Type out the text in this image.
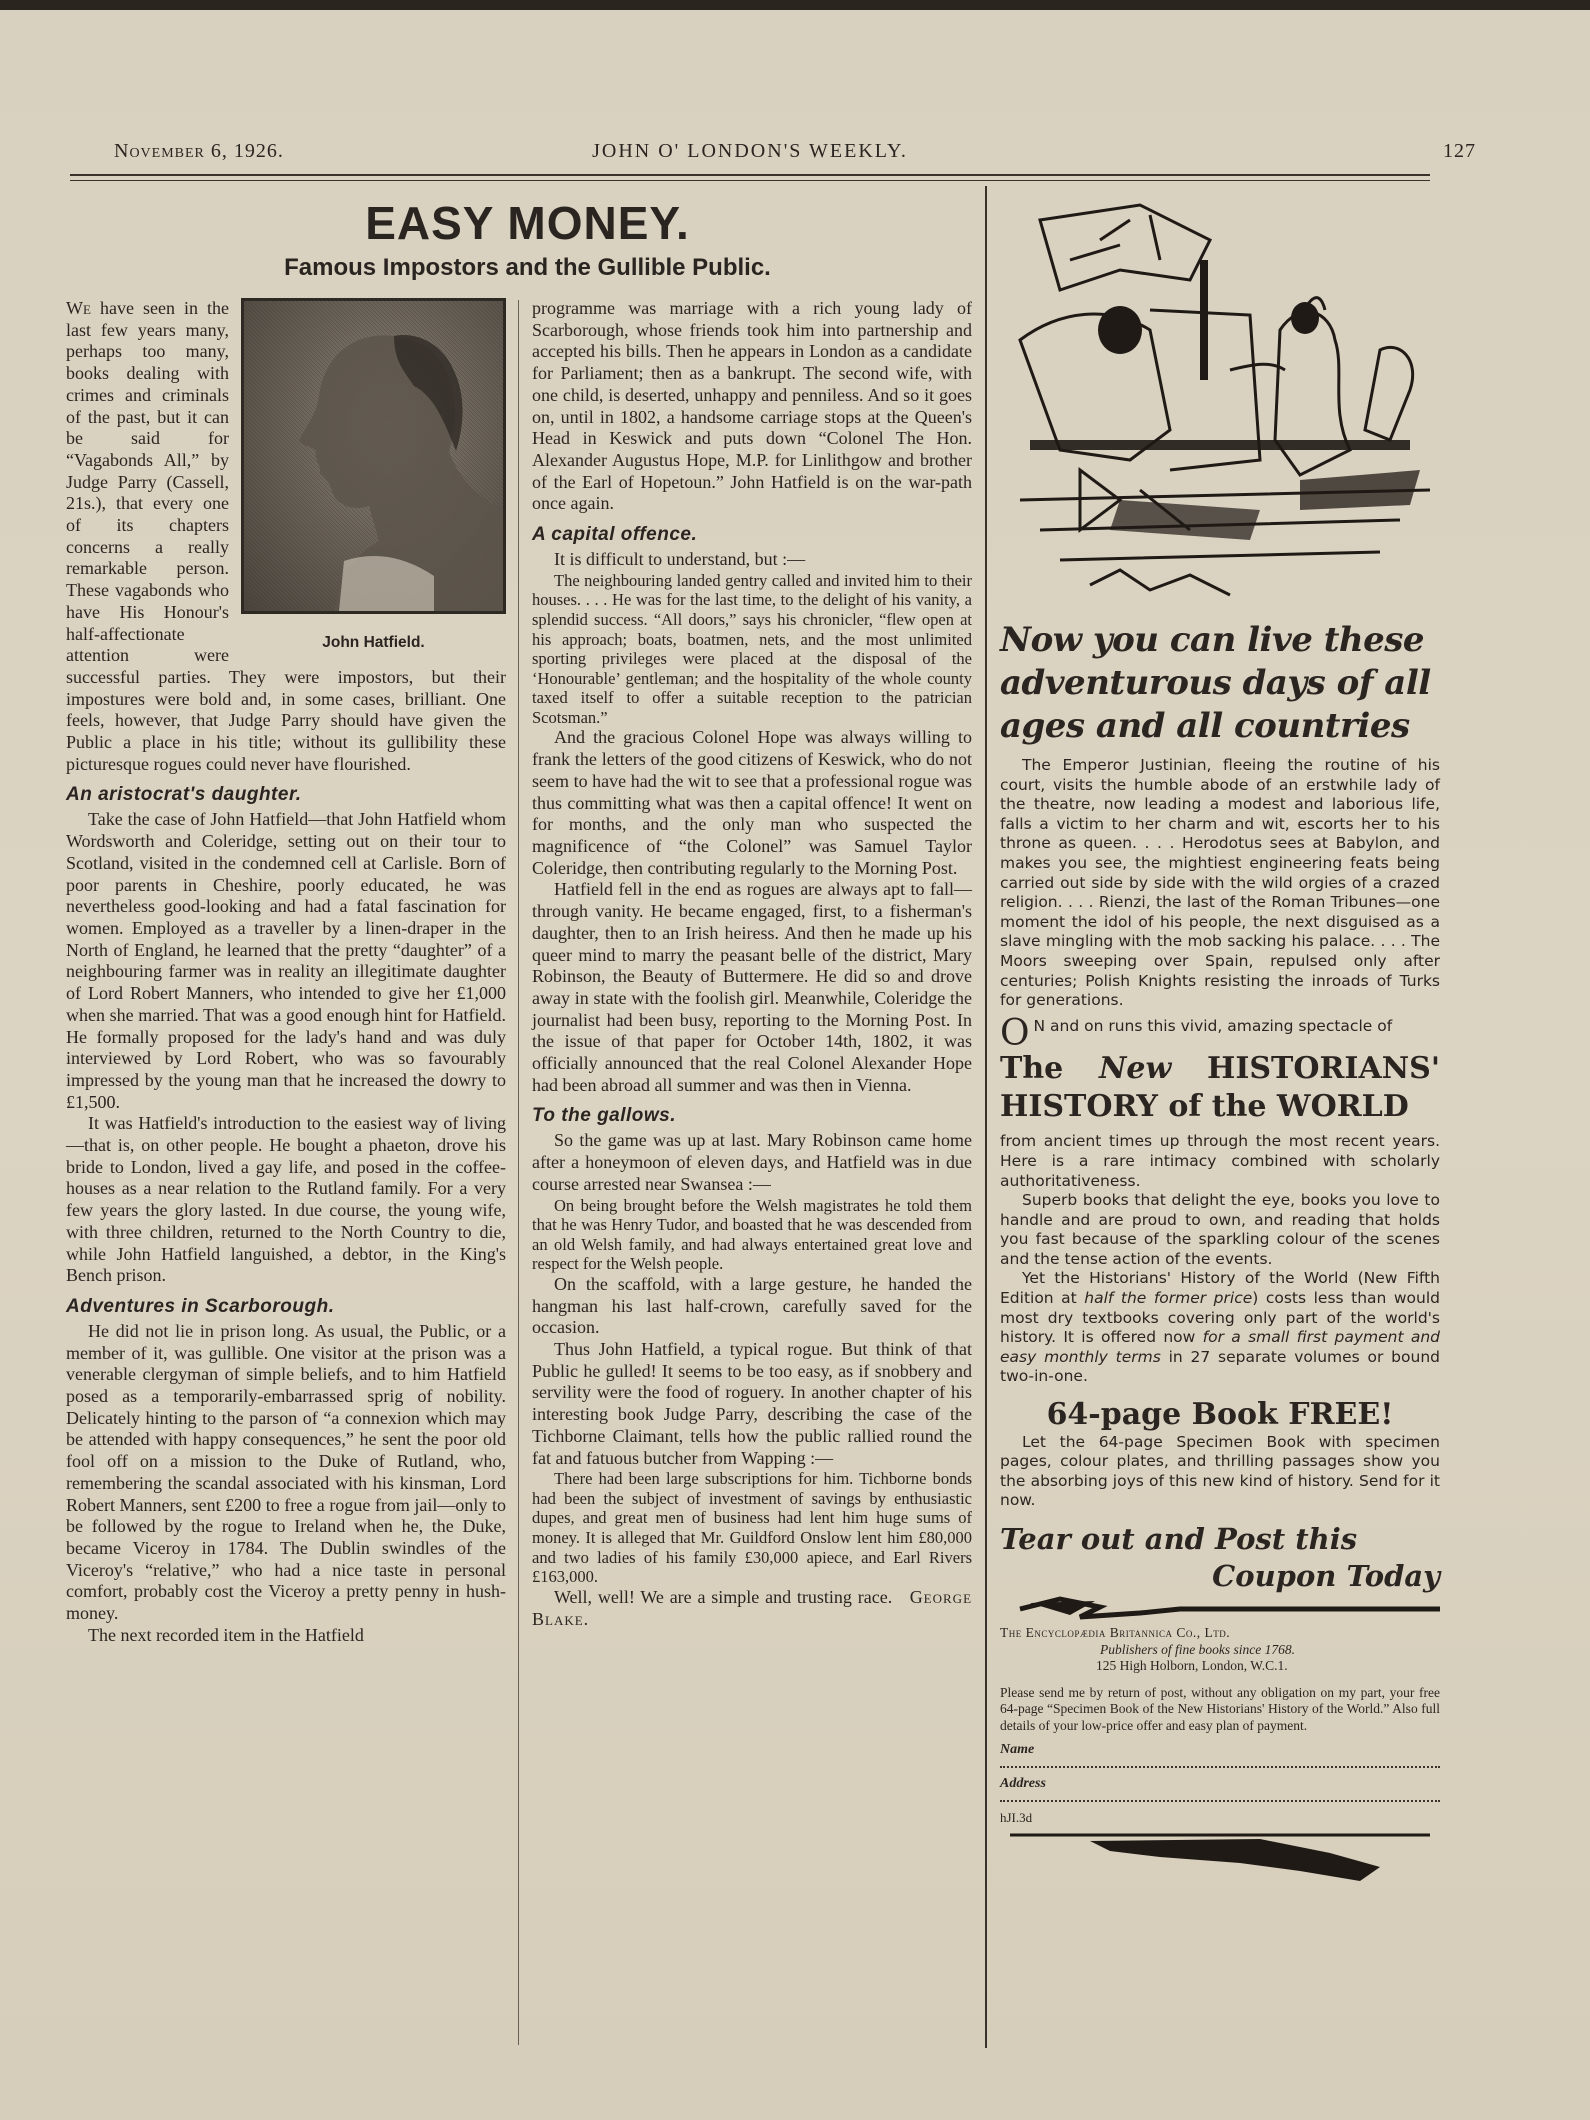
November 6, 1926.	JOHN O' LONDON'S WEEKLY.	127
EASY MONEY.
Famous Impostors and the Gullible Public.
John Hatfield.

We have seen in the last few years many, perhaps too many, books dealing with crimes and criminals of the past, but it can be said for “Vagabonds All,” by Judge Parry (Cassell, 21s.), that every one of its chapters concerns a really remarkable person. These vagabonds who have His Honour's half-affectionate attention were successful parties. They were impostors, but their impostures were bold and, in some cases, brilliant. One feels, however, that Judge Parry should have given the Public a place in his title; without its gullibility these picturesque rogues could never have flourished.

An aristocrat's daughter.

Take the case of John Hatfield—that John Hatfield whom Wordsworth and Coleridge, setting out on their tour to Scotland, visited in the condemned cell at Carlisle. Born of poor parents in Cheshire, poorly educated, he was nevertheless good-looking and had a fatal fascination for women. Employed as a traveller by a linen-draper in the North of England, he learned that the pretty “daughter” of a neighbouring farmer was in reality an illegitimate daughter of Lord Robert Manners, who intended to give her £1,000 when she married. That was a good enough hint for Hatfield. He formally proposed for the lady's hand and was duly interviewed by Lord Robert, who was so favourably impressed by the young man that he increased the dowry to £1,500.

It was Hatfield's introduction to the easiest way of living—that is, on other people. He bought a phaeton, drove his bride to London, lived a gay life, and posed in the coffee-houses as a near relation to the Rutland family. For a very few years the glory lasted. In due course, the young wife, with three children, returned to the North Country to die, while John Hatfield languished, a debtor, in the King's Bench prison.

Adventures in Scarborough.

He did not lie in prison long. As usual, the Public, or a member of it, was gullible. One visitor at the prison was a venerable clergyman of simple beliefs, and to him Hatfield posed as a temporarily-embarrassed sprig of nobility. Delicately hinting to the parson of “a connexion which may be attended with happy consequences,” he sent the poor old fool off on a mission to the Duke of Rutland, who, remembering the scandal associated with his kinsman, Lord Robert Manners, sent £200 to free a rogue from jail—only to be followed by the rogue to Ireland when he, the Duke, became Viceroy in 1784. The Dublin swindles of the Viceroy's “relative,” who had a nice taste in personal comfort, probably cost the Viceroy a pretty penny in hush-money.

The next recorded item in the Hatfield

programme was marriage with a rich young lady of Scarborough, whose friends took him into partnership and accepted his bills. Then he appears in London as a candidate for Parliament; then as a bankrupt. The second wife, with one child, is deserted, unhappy and penniless. And so it goes on, until in 1802, a handsome carriage stops at the Queen's Head in Keswick and puts down “Colonel The Hon. Alexander Augustus Hope, M.P. for Linlithgow and brother of the Earl of Hopetoun.” John Hatfield is on the war-path once again.

A capital offence.

It is difficult to understand, but :—

The neighbouring landed gentry called and invited him to their houses. . . . He was for the last time, to the delight of his vanity, a splendid success. “All doors,” says his chronicler, “flew open at his approach; boats, boatmen, nets, and the most unlimited sporting privileges were placed at the disposal of the ‘Honourable’ gentleman; and the hospitality of the whole county taxed itself to offer a suitable reception to the patrician Scotsman.”

And the gracious Colonel Hope was always willing to frank the letters of the good citizens of Keswick, who do not seem to have had the wit to see that a professional rogue was thus committing what was then a capital offence! It went on for months, and the only man who suspected the magnificence of “the Colonel” was Samuel Taylor Coleridge, then contributing regularly to the Morning Post.

Hatfield fell in the end as rogues are always apt to fall—through vanity. He became engaged, first, to a fisherman's daughter, then to an Irish heiress. And then he made up his queer mind to marry the peasant belle of the district, Mary Robinson, the Beauty of Buttermere. He did so and drove away in state with the foolish girl. Meanwhile, Coleridge the journalist had been busy, reporting to the Morning Post. In the issue of that paper for October 14th, 1802, it was officially announced that the real Colonel Alexander Hope had been abroad all summer and was then in Vienna.

To the gallows.

So the game was up at last. Mary Robinson came home after a honeymoon of eleven days, and Hatfield was in due course arrested near Swansea :—

On being brought before the Welsh magistrates he told them that he was Henry Tudor, and boasted that he was descended from an old Welsh family, and had always entertained great love and respect for the Welsh people.

On the scaffold, with a large gesture, he handed the hangman his last half-crown, carefully saved for the occasion.

Thus John Hatfield, a typical rogue. But think of that Public he gulled! It seems to be too easy, as if snobbery and servility were the food of roguery. In another chapter of his interesting book Judge Parry, describing the case of the Tichborne Claimant, tells how the public rallied round the fat and fatuous butcher from Wapping :—

There had been large subscriptions for him. Tichborne bonds had been the subject of investment of savings by enthusiastic dupes, and great men of business had lent him huge sums of money. It is alleged that Mr. Guildford Onslow lent him £80,000 and two ladies of his family £30,000 apiece, and Earl Rivers £163,000.

Well, well! We are a simple and trusting race. George Blake.

Now you can live these adventurous days of all ages and all countries

The Emperor Justinian, fleeing the routine of his court, visits the humble abode of an erstwhile lady of the theatre, now leading a modest and laborious life, falls a victim to her charm and wit, escorts her to his throne as queen. . . . Herodotus sees at Babylon, and makes you see, the mightiest engineering feats being carried out side by side with the wild orgies of a crazed religion. . . . Rienzi, the last of the Roman Tribunes—one moment the idol of his people, the next disguised as a slave mingling with the mob sacking his palace. . . . The Moors sweeping over Spain, repulsed only after centuries; Polish Knights resisting the inroads of Turks for generations.

O N and on runs this vivid, amazing spectacle of

The New HISTORIANS' HISTORY of the WORLD

from ancient times up through the most recent years. Here is a rare intimacy combined with scholarly authoritativeness.

Superb books that delight the eye, books you love to handle and are proud to own, and reading that holds you fast because of the sparkling colour of the scenes and the tense action of the events.

Yet the Historians' History of the World (New Fifth Edition at half the former price) costs less than would most dry textbooks covering only part of the world's history. It is offered now for a small first payment and easy monthly terms in 27 separate volumes or bound two-in-one.

64-page Book FREE!

Let the 64-page Specimen Book with specimen pages, colour plates, and thrilling passages show you the absorbing joys of this new kind of history. Send for it now.

Tear out and Post this
Coupon Today
The Encyclopædia Britannica Co., Ltd.
Publishers of fine books since 1768.
125 High Holborn, London, W.C.1.
Please send me by return of post, without any obligation on my part, your free 64-page “Specimen Book of the New Historians' History of the World.” Also full details of your low-price offer and easy plan of payment.
Name
Address
hJI.3d
